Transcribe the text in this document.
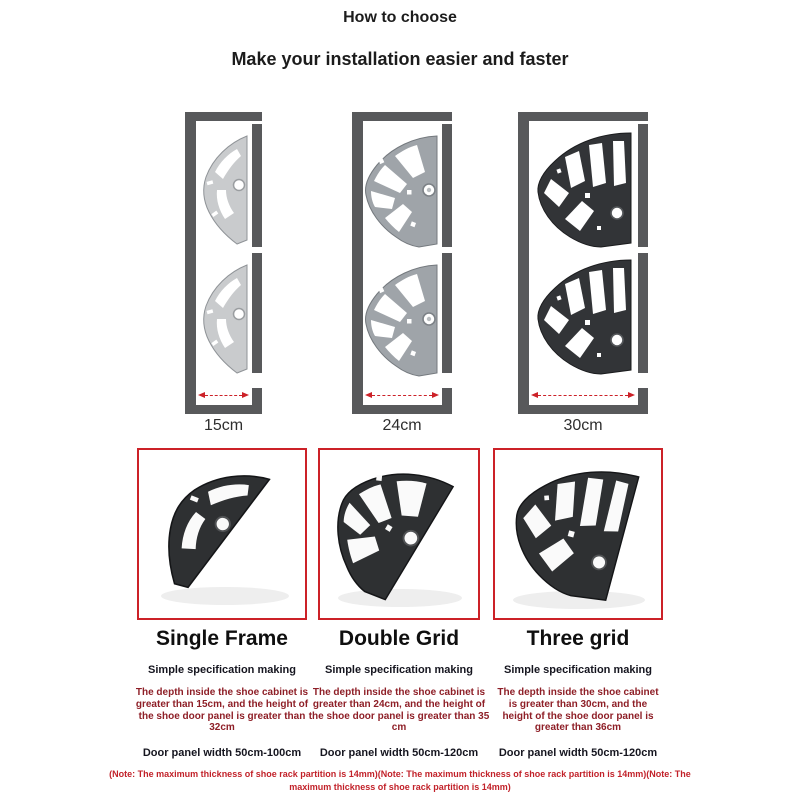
How to choose
Make your installation easier and faster
15cm	24cm	30cm
Single Frame
Simple specification making
The depth inside the shoe cabinet is greater than 15cm, and the height of the shoe door panel is greater than 32cm
Door panel width 50cm-100cm
Double Grid
Simple specification making
The depth inside the shoe cabinet is greater than 24cm, and the height of the shoe door panel is greater than 35 cm
Door panel width 50cm-120cm
Three grid
Simple specification making
The depth inside the shoe cabinet is greater than 30cm, and the height of the shoe door panel is greater than 36cm
Door panel width 50cm-120cm
(Note: The maximum thickness of shoe rack partition is 14mm)(Note: The maximum thickness of shoe rack partition is 14mm)(Note: The maximum thickness of shoe rack partition is 14mm)
